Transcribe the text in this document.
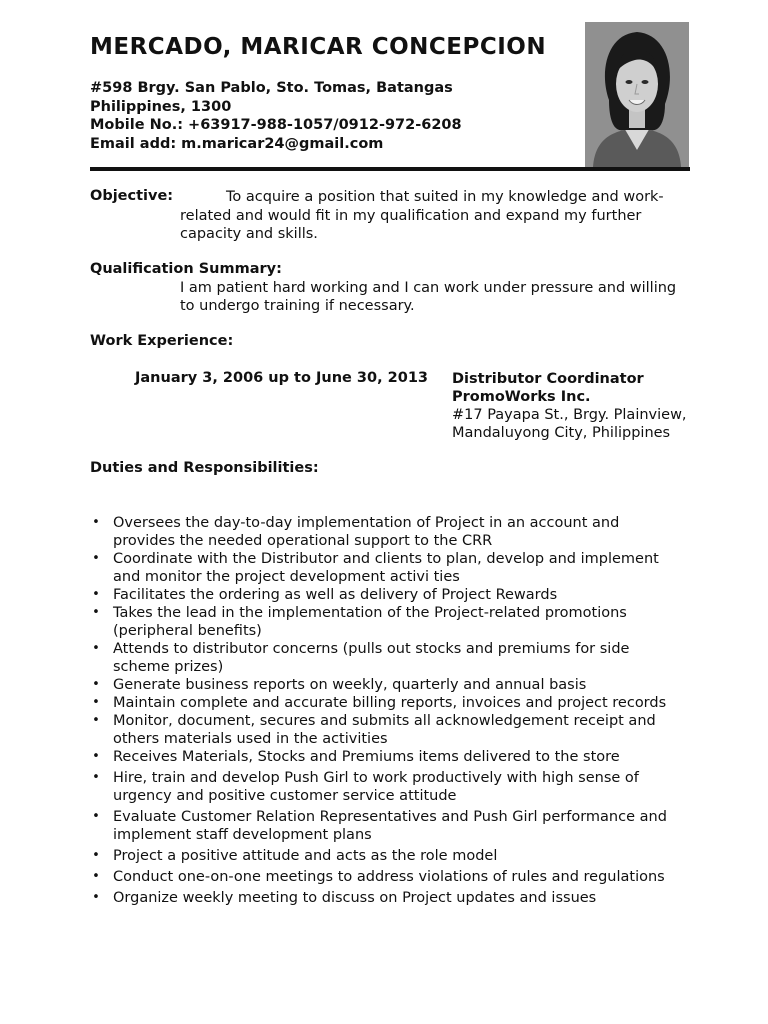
MERCADO, MARICAR CONCEPCION
#598 Brgy. San Pablo, Sto. Tomas, Batangas
Philippines, 1300
Mobile No.: +63917-988-1057/0912-972-6208
Email add: m.maricar24@gmail.com
Objective:	To acquire a position that suited in my knowledge and work-
related and would fit in my qualification and expand my further
capacity and skills.
Qualification Summary:
I am patient hard working and I can work under pressure and willing
to undergo training if necessary.
Work Experience:
January 3, 2006 up to June 30, 2013 Distributor Coordinator
PromoWorks Inc.
#17 Payapa St., Brgy. Plainview,
Mandaluyong City, Philippines
Duties and Responsibilities:
• Oversees the day-to-day implementation of Project in an account and
provides the needed operational support to the CRR
• Coordinate with the Distributor and clients to plan, develop and implement
and monitor the project development activi ties
• Facilitates the ordering as well as delivery of Project Rewards
• Takes the lead in the implementation of the Project-related promotions
(peripheral benefits)
• Attends to distributor concerns (pulls out stocks and premiums for side
scheme prizes)
• Generate business reports on weekly, quarterly and annual basis
• Maintain complete and accurate billing reports, invoices and project records
• Monitor, document, secures and submits all acknowledgement receipt and
others materials used in the activities
• Receives Materials, Stocks and Premiums items delivered to the store
• Hire, train and develop Push Girl to work productively with high sense of
urgency and positive customer service attitude
• Evaluate Customer Relation Representatives and Push Girl performance and
implement staff development plans
• Project a positive attitude and acts as the role model
• Conduct one-on-one meetings to address violations of rules and regulations
• Organize weekly meeting to discuss on Project updates and issues
